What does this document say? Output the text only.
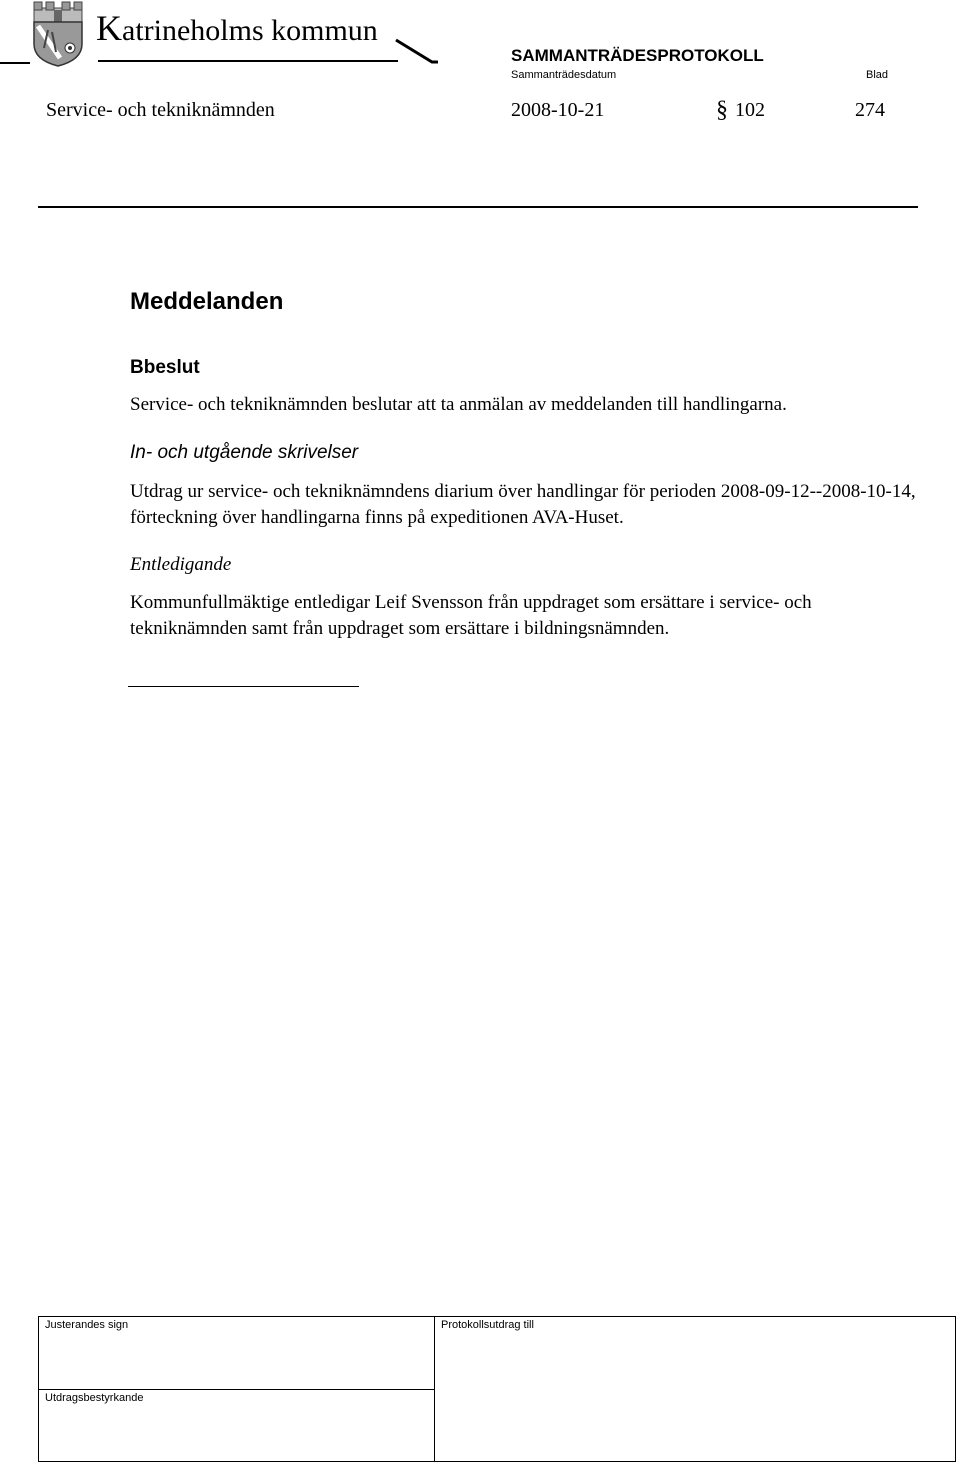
Katrineholms kommun
SAMMANTRÄDESPROTOKOLL
Sammanträdesdatum	Blad
Service- och tekniknämnden	2008-10-21	§ 102	274
Meddelanden
Bbeslut
Service- och tekniknämnden beslutar att ta anmälan av meddelanden till handlingarna.
In- och utgående skrivelser
Utdrag ur service- och tekniknämndens diarium över handlingar för perioden 2008-09-12--2008-10-14, förteckning över handlingarna finns på expeditionen AVA-Huset.
Entledigande
Kommunfullmäktige entledigar Leif Svensson från uppdraget som ersättare i service- och tekniknämnden samt från uppdraget som ersättare i bildningsnämnden.
Justerandes sign	Protokollsutdrag till
Utdragsbestyrkande
